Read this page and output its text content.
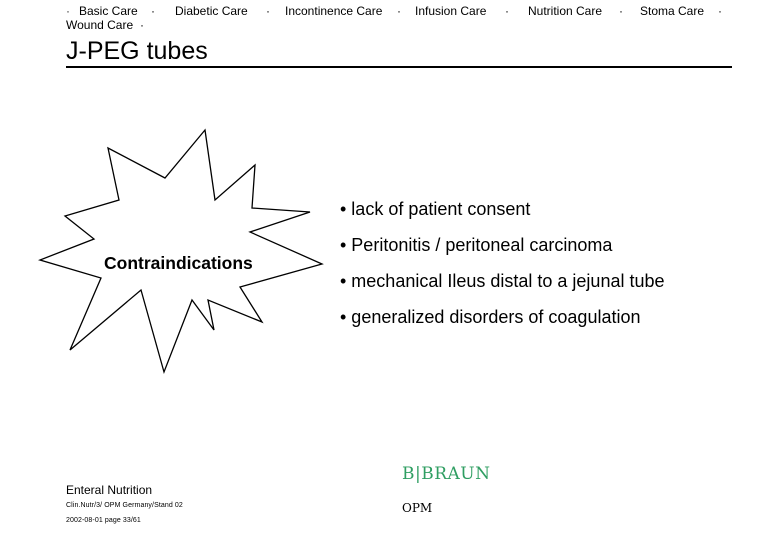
· Basic Care · Diabetic Care · Incontinence Care · Infusion Care · Nutrition Care · Stoma Care ·
Wound Care ·
J-PEG tubes
Contraindications
• lack of patient consent
• Peritonitis / peritoneal carcinoma
• mechanical Ileus distal to a jejunal tube
• generalized disorders of coagulation
Enteral Nutrition
Clin.Nutr/3/ OPM Germany/Stand 02
2002-08-01 page 33/61
B|BRAUN
OPM
